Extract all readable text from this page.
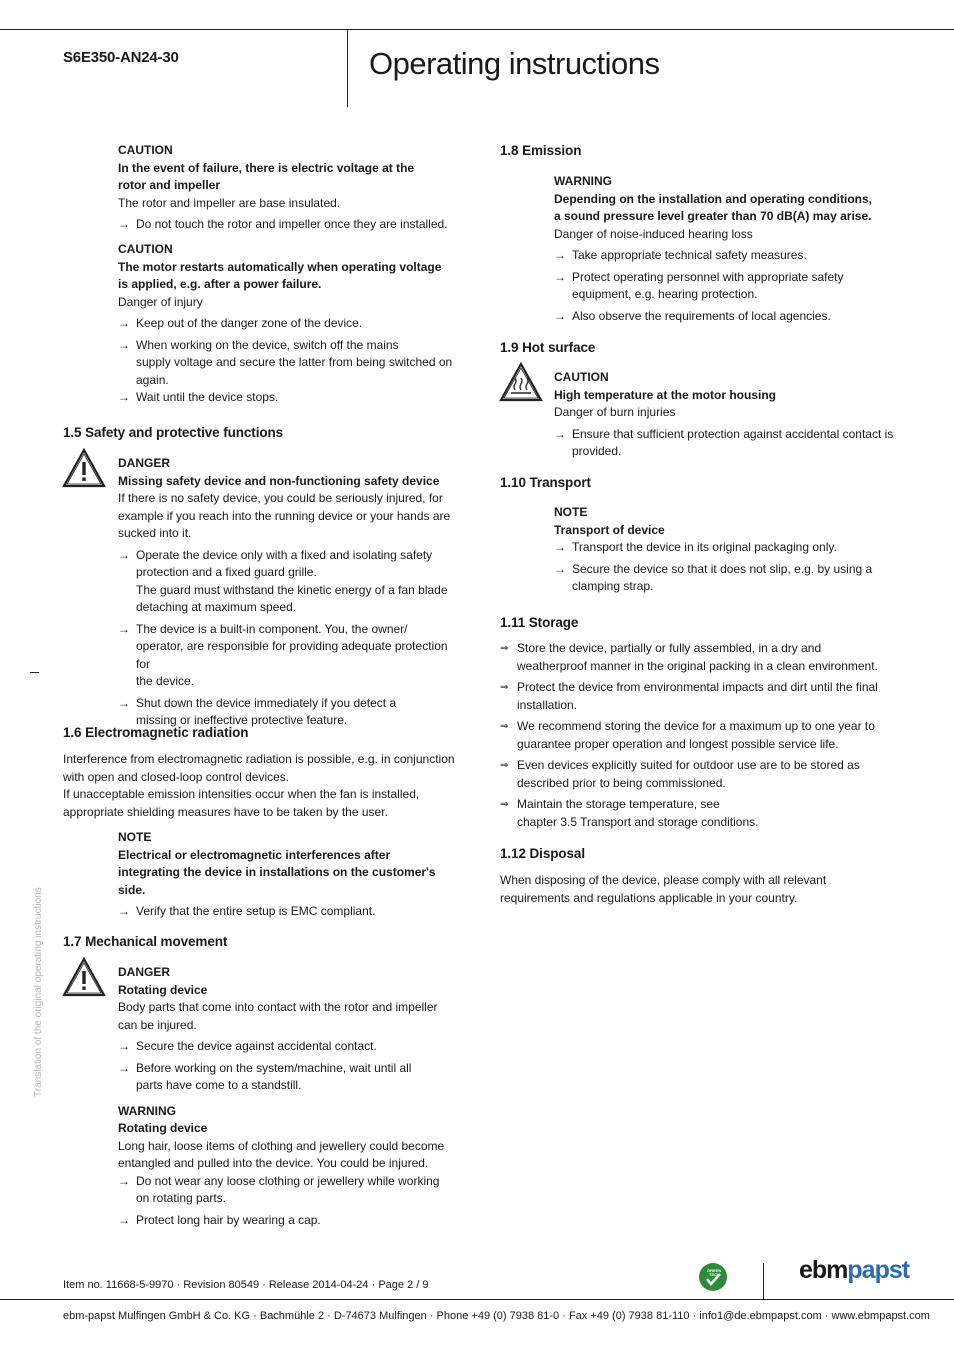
S6E350-AN24-30	Operating instructions
Translation of the original operating instructions
CAUTION
In the event of failure, there is electric voltage at the
rotor and impeller
The rotor and impeller are base insulated.
→ Do not touch the rotor and impeller once they are installed.
CAUTION
The motor restarts automatically when operating voltage
is applied, e.g. after a power failure.
Danger of injury
→ Keep out of the danger zone of the device.
→ When working on the device, switch off the mains
supply voltage and secure the latter from being switched on
again.
→ Wait until the device stops.
1.5 Safety and protective functions
DANGER
Missing safety device and non-functioning safety device
If there is no safety device, you could be seriously injured, for
example if you reach into the running device or your hands are
sucked into it.
→ Operate the device only with a fixed and isolating safety
protection and a fixed guard grille.
The guard must withstand the kinetic energy of a fan blade
detaching at maximum speed.
→ The device is a built-in component. You, the owner/
operator, are responsible for providing adequate protection for
the device.
→ Shut down the device immediately if you detect a
missing or ineffective protective feature.
1.6 Electromagnetic radiation
Interference from electromagnetic radiation is possible, e.g. in conjunction
with open and closed-loop control devices.
If unacceptable emission intensities occur when the fan is installed,
appropriate shielding measures have to be taken by the user.
NOTE
Electrical or electromagnetic interferences after
integrating the device in installations on the customer's
side.
→ Verify that the entire setup is EMC compliant.
1.7 Mechanical movement
DANGER
Rotating device
Body parts that come into contact with the rotor and impeller
can be injured.
→ Secure the device against accidental contact.
→ Before working on the system/machine, wait until all
parts have come to a standstill.
WARNING
Rotating device
Long hair, loose items of clothing and jewellery could become
entangled and pulled into the device. You could be injured.
→ Do not wear any loose clothing or jewellery while working
on rotating parts.
→ Protect long hair by wearing a cap.
1.8 Emission
WARNING
Depending on the installation and operating conditions,
a sound pressure level greater than 70 dB(A) may arise.
Danger of noise-induced hearing loss
→ Take appropriate technical safety measures.
→ Protect operating personnel with appropriate safety
equipment, e.g. hearing protection.
→ Also observe the requirements of local agencies.
1.9 Hot surface
CAUTION
High temperature at the motor housing
Danger of burn injuries
→ Ensure that sufficient protection against accidental contact is
provided.
1.10 Transport
NOTE
Transport of device
→ Transport the device in its original packaging only.
→ Secure the device so that it does not slip, e.g. by using a
clamping strap.
1.11 Storage
⇒ Store the device, partially or fully assembled, in a dry and
weatherproof manner in the original packing in a clean environment.
⇒ Protect the device from environmental impacts and dirt until the final
installation.
⇒ We recommend storing the device for a maximum up to one year to
guarantee proper operation and longest possible service life.
⇒ Even devices explicitly suited for outdoor use are to be stored as
described prior to being commissioned.
⇒ Maintain the storage temperature, see
chapter 3.5 Transport and storage conditions.
1.12 Disposal
When disposing of the device, please comply with all relevant
requirements and regulations applicable in your country.
Item no. 11668-5-9970 · Revision 80549 · Release 2014-04-24 · Page 2 / 9
GREEN
TECH	ebmpapst
ebm-papst Mulfingen GmbH & Co. KG · Bachmühle 2 · D-74673 Mulfingen · Phone +49 (0) 7938 81-0 · Fax +49 (0) 7938 81-110 · info1@de.ebmpapst.com · www.ebmpapst.com
